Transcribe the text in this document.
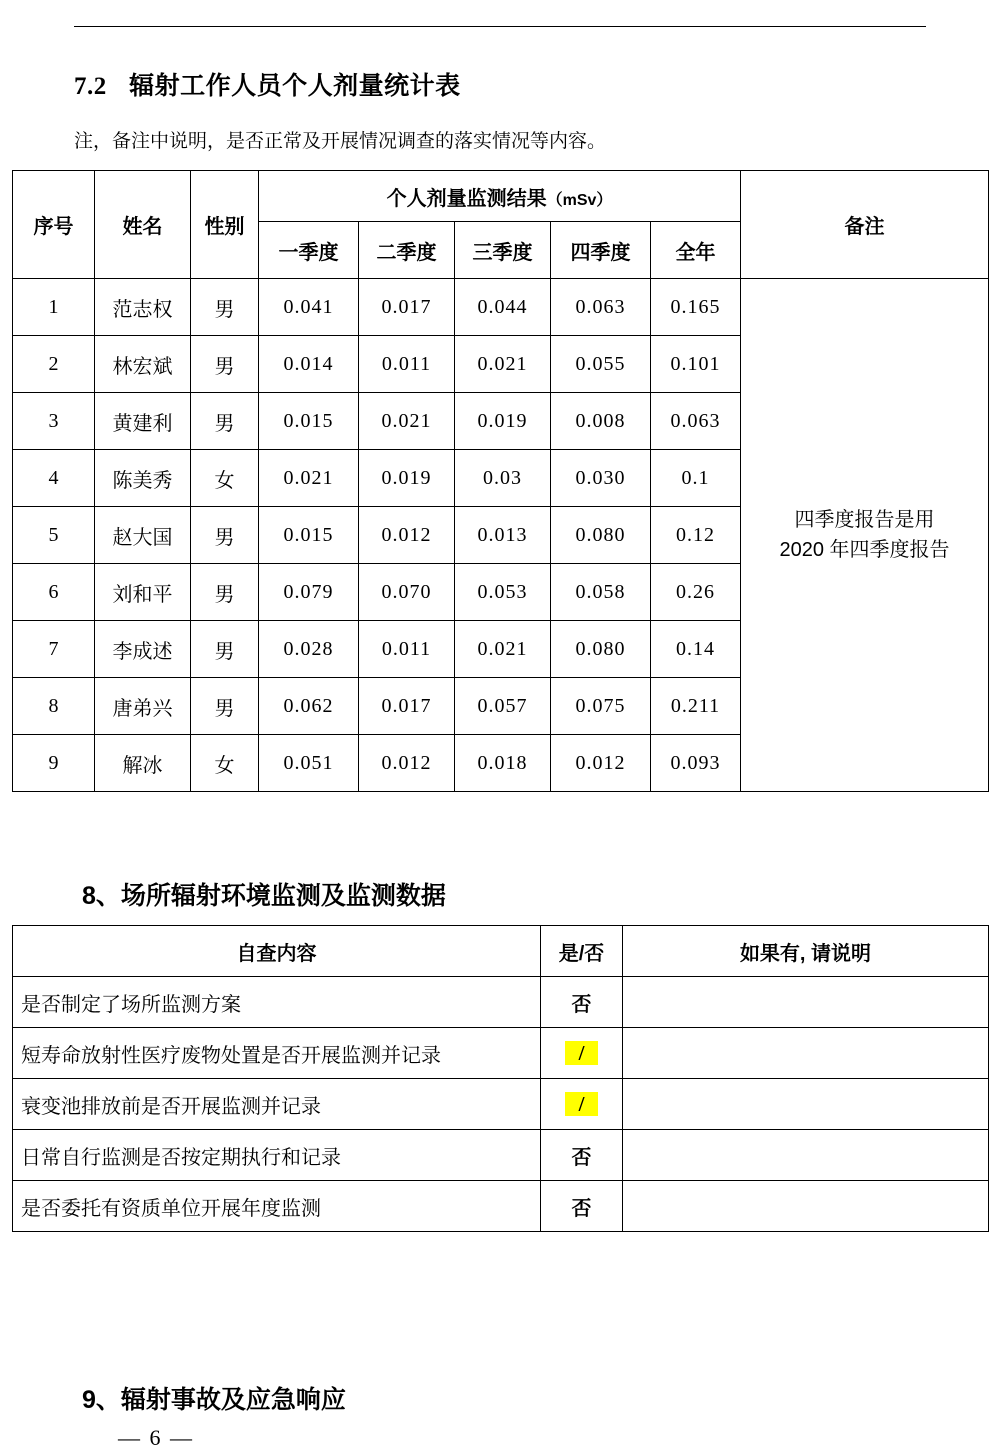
7.2 辐射工作人员个人剂量统计表
注，备注中说明，是否正常及开展情况调查的落实情况等内容。
序号	姓名	性别	个人剂量监测结果（mSv）					备注
			一季度	二季度	三季度	四季度	全年	
1	范志权	男	0.041	0.017	0.044	0.063	0.165	四季度报告是用
2020 年四季度报告

2	林宏斌	男	0.014	0.011	0.021	0.055	0.101	
3	黄建利	男	0.015	0.021	0.019	0.008	0.063	
4	陈美秀	女	0.021	0.019	0.03	0.030	0.1	
5	赵大国	男	0.015	0.012	0.013	0.080	0.12	
6	刘和平	男	0.079	0.070	0.053	0.058	0.26	
7	李成述	男	0.028	0.011	0.021	0.080	0.14	
8	唐弟兴	男	0.062	0.017	0.057	0.075	0.211	
9	解冰	女	0.051	0.012	0.018	0.012	0.093	
8、场所辐射环境监测及监测数据
自查内容	是/否	如果有, 请说明
是否制定了场所监测方案	否	
短寿命放射性医疗废物处置是否开展监测并记录	/	
衰变池排放前是否开展监测并记录	/	
日常自行监测是否按定期执行和记录	否	
是否委托有资质单位开展年度监测	否	
9、辐射事故及应急响应
— 6 —
